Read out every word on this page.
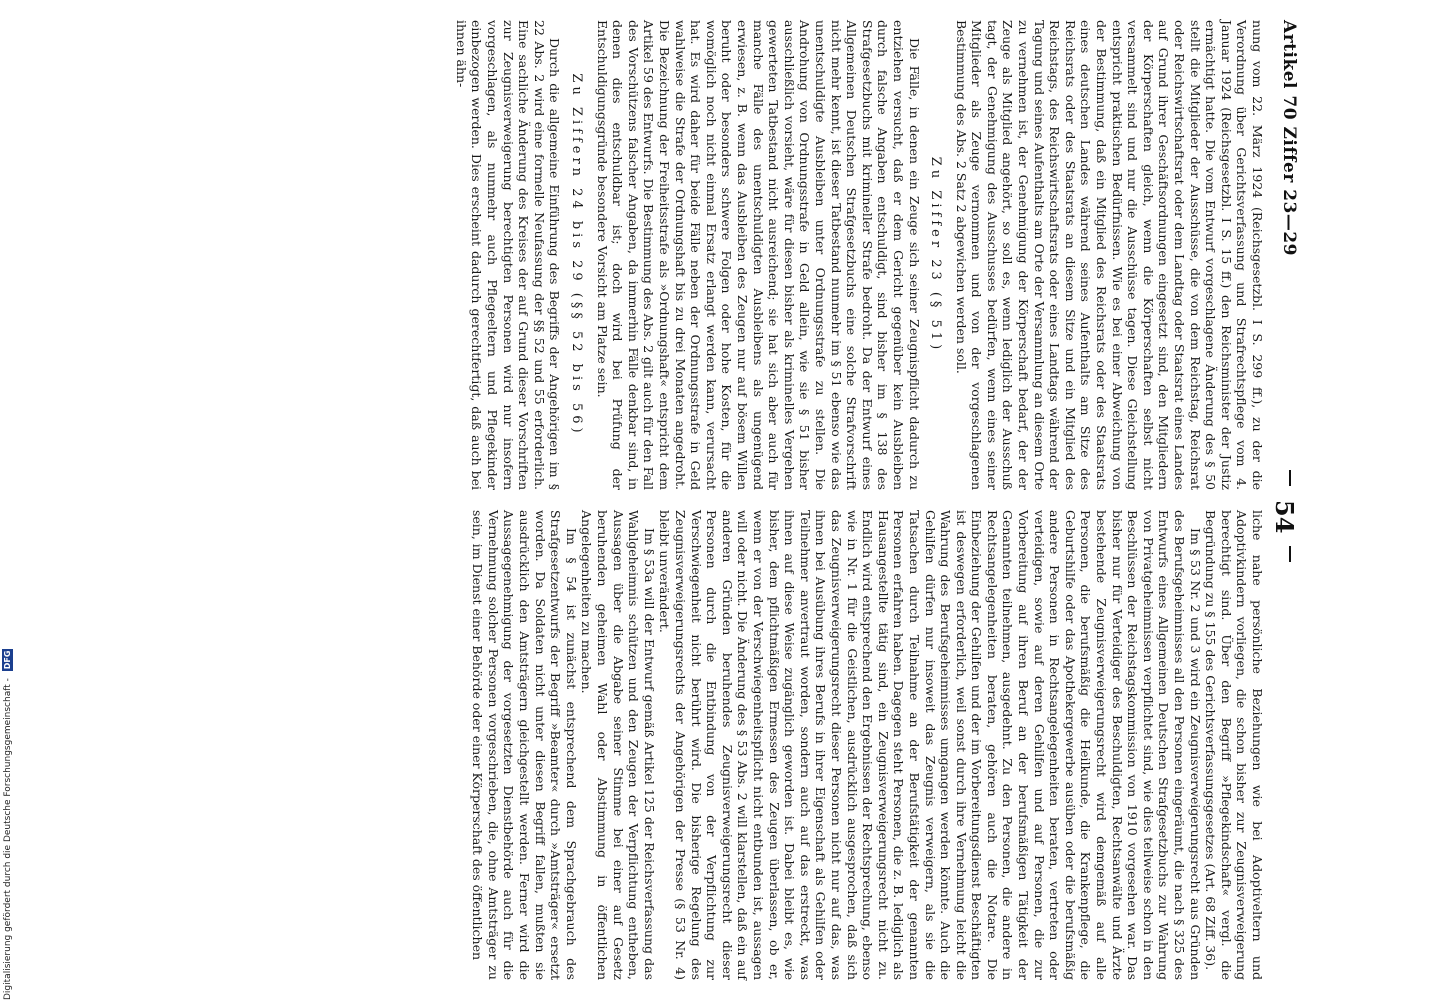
Artikel 70 Ziffer 23—29
54

nung vom 22. März 1924 (Reichsgesetzbl. I S. 299 ff.), zu der die Verordnung über Gerichtsverfassung und Strafrechtspflege vom 4. Januar 1924 (Reichsgesetzbl. I S. 15 ff.) den Reichsminister der Justiz ermächtigt hatte. Die vom Entwurf vorgeschlagene Änderung des § 50 stellt die Mitglieder der Ausschüsse, die von dem Reichstag, Reichsrat oder Reichswirtschaftsrat oder dem Landtag oder Staatsrat eines Landes auf Grund ihrer Geschäftsordnungen eingesetzt sind, den Mitgliedern der Körperschaften gleich, wenn die Körperschaften selbst nicht versammelt sind und nur die Ausschüsse tagen. Diese Gleichstellung entspricht praktischen Bedürfnissen. Wie es bei einer Abweichung von der Bestimmung, daß ein Mitglied des Reichsrats oder des Staatsrats eines deutschen Landes während seines Aufenthalts am Sitze des Reichsrats oder des Staatsrats an diesem Sitze und ein Mitglied des Reichstags, des Reichswirtschaftsrats oder eines Landtags während der Tagung und seines Aufenthalts am Orte der Versammlung an diesem Orte zu vernehmen ist, der Genehmigung der Körperschaft bedarf, der der Zeuge als Mitglied angehört, so soll es, wenn lediglich der Ausschuß tagt, der Genehmigung des Ausschusses bedürfen, wenn eines seiner Mitglieder als Zeuge vernommen und von der vorgeschlagenen Bestimmung des Abs. 2 Satz 2 abgewichen werden soll.

Zu Ziffer 23 (§ 51)

Die Fälle, in denen ein Zeuge sich seiner Zeugnispflicht dadurch zu entziehen versucht, daß er dem Gericht gegenüber kein Ausbleiben durch falsche Angaben entschuldigt, sind bisher im § 138 des Strafgesetzbuchs mit krimineller Strafe bedroht. Da der Entwurf eines Allgemeinen Deutschen Strafgesetzbuchs eine solche Strafvorschrift nicht mehr kennt, ist dieser Tatbestand nunmehr im § 51 ebenso wie das unentschuldigte Ausbleiben unter Ordnungsstrafe zu stellen. Die Androhung von Ordnungsstrafe in Geld allein, wie sie § 51 bisher ausschließlich vorsieht, wäre für diesen bisher als kriminelles Vergehen gewerteten Tatbestand nicht ausreichend; sie hat sich aber auch für manche Fälle des unentschuldigten Ausbleibens als ungenügend erwiesen, z. B. wenn das Ausbleiben des Zeugen nur auf bösem Willen beruht oder besonders schwere Folgen oder hohe Kosten, für die womöglich noch nicht einmal Ersatz erlangt werden kann, verursacht hat. Es wird daher für beide Fälle neben der Ordnungsstrafe in Geld wahlweise die Strafe der Ordnungshaft bis zu drei Monaten angedroht. Die Bezeichnung der Freiheitsstrafe als »Ordnungshaft« entspricht dem Artikel 59 des Entwurfs. Die Bestimmung des Abs. 2 gilt auch für den Fall des Vorschützens falscher Angaben, da immerhin Fälle denkbar sind, in denen dies entschuldbar ist; doch wird bei Prüfung der Entschuldigungsgründe besondere Vorsicht am Platze sein.

Zu Ziffern 24 bis 29 (§§ 52 bis 56)

Durch die allgemeine Einführung des Begriffs der Angehörigen im § 22 Abs. 2 wird eine formelle Neufassung der §§ 52 und 55 erforderlich. Eine sachliche Änderung des Kreises der auf Grund dieser Vorschriften zur Zeugnisverweigerung berechtigten Personen wird nur insofern vorgeschlagen, als nunmehr auch Pflegeeltern und Pflegekinder einbezogen werden. Dies erscheint dadurch gerechtfertigt, daß auch bei ihnen ähn-

liche nahe persönliche Beziehungen wie bei Adoptiveltern und Adoptivkindern vorliegen, die schon bisher zur Zeugnisverweigerung berechtigt sind. Über den Begriff »Pflegekindschaft« vergl. die Begründung zu § 155 des Gerichtsverfassungsgesetzes (Art. 68 Ziff. 36).

Im § 53 Nr. 2 und 3 wird ein Zeugnisverweigerungsrecht aus Gründen des Berufsgeheimnisses all den Personen eingeräumt, die nach § 325 des Entwurfs eines Allgemeinen Deutschen Strafgesetzbuchs zur Wahrung von Privatgeheimnissen verpflichtet sind, wie dies teilweise schon in den Beschlüssen der Reichstagskommission von 1910 vorgesehen war. Das bisher nur für Verteidiger des Beschuldigten, Rechtsanwälte und Ärzte bestehende Zeugnisverweigerungsrecht wird demgemäß auf alle Personen, die berufsmäßig die Heilkunde, die Krankenpflege, die Geburtshilfe oder das Apothekergewerbe ausüben oder die berufsmäßig andere Personen in Rechtsangelegenheiten beraten, vertreten oder verteidigen, sowie auf deren Gehilfen und auf Personen, die zur Vorbereitung auf ihren Beruf an der berufsmäßigen Tätigkeit der Genannten teilnehmen, ausgedehnt. Zu den Personen, die andere in Rechtsangelegenheiten beraten, gehören auch die Notare. Die Einbeziehung der Gehilfen und der im Vorbereitungsdienst Beschäftigten ist deswegen erforderlich, weil sonst durch ihre Vernehmung leicht die Wahrung des Berufsgeheimnisses umgangen werden könnte. Auch die Gehilfen dürfen nur insoweit das Zeugnis verweigern, als sie die Tatsachen durch Teilnahme an der Berufstätigkeit der genannten Personen erfahren haben. Dagegen steht Personen, die z. B. lediglich als Hausangestellte tätig sind, ein Zeugnisverweigerungsrecht nicht zu. Endlich wird entsprechend den Ergebnissen der Rechtsprechung, ebenso wie in Nr. 1 für die Geistlichen, ausdrücklich ausgesprochen, daß sich das Zeugnisverweigerungsrecht dieser Personen nicht nur auf das, was ihnen bei Ausübung ihres Berufs in ihrer Eigenschaft als Gehilfen oder Teilnehmer anvertraut worden, sondern auch auf das erstreckt, was ihnen auf diese Weise zugänglich geworden ist. Dabei bleibt es, wie bisher, dem pflichtmäßigen Ermessen des Zeugen überlassen, ob er, wenn er von der Verschwiegenheitspflicht nicht entbunden ist, aussagen will oder nicht. Die Änderung des § 53 Abs. 2 will klarstellen, daß ein auf anderen Gründen beruhendes Zeugnisverweigerungsrecht dieser Personen durch die Entbindung von der Verpflichtung zur Verschwiegenheit nicht berührt wird. Die bisherige Regelung des Zeugnisverweigerungsrechts der Angehörigen der Presse (§ 53 Nr. 4) bleibt unverändert.

Im § 53a will der Entwurf gemäß Artikel 125 der Reichsverfassung das Wahlgeheimnis schützen und den Zeugen der Verpflichtung entheben, Aussagen über die Abgabe seiner Stimme bei einer auf Gesetz beruhenden geheimen Wahl oder Abstimmung in öffentlichen Angelegenheiten zu machen.

Im § 54 ist zunächst entsprechend dem Sprachgebrauch des Strafgesetzentwurfs der Begriff »Beamter« durch »Amtsträger« ersetzt worden. Da Soldaten nicht unter diesen Begriff fallen, mußten sie ausdrücklich den Amtsträgern gleichgestellt werden. Ferner wird die Aussagegenehmigung der vorgesetzten Dienstbehörde auch für die Vernehmung solcher Personen vorgeschrieben, die, ohne Amtsträger zu sein, im Dienst einer Behörde oder einer Körperschaft des öffentlichen

Digitalisierung gefördert durch die Deutsche Forschungsgemeinschaft - DFG
